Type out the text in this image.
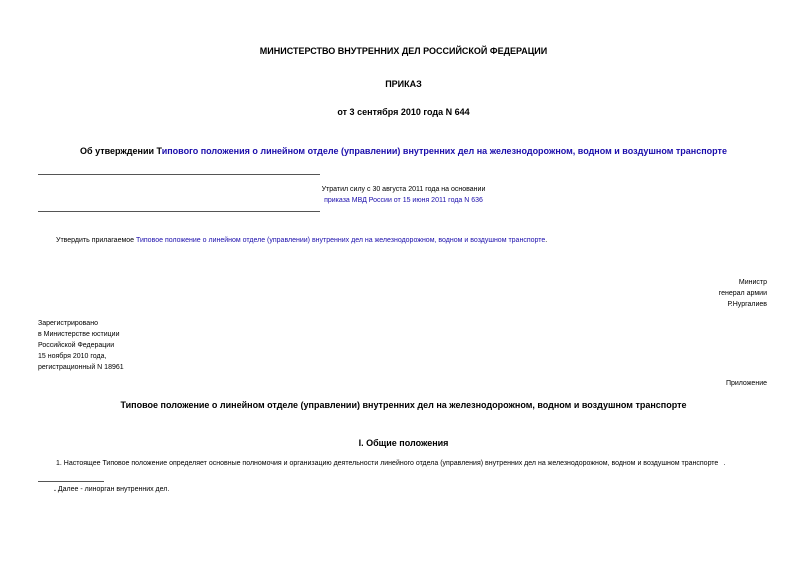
МИНИСТЕРСТВО ВНУТРЕННИХ ДЕЛ РОССИЙСКОЙ ФЕДЕРАЦИИ
ПРИКАЗ
от 3 сентября 2010 года N 644
Об утверждении Типового положения о линейном отделе (управлении) внутренних дел на железнодорожном, водном и воздушном транспорте
Утратил силу с 30 августа 2011 года на основании
приказа МВД России от 15 июня 2011 года N 636
Утвердить прилагаемое Типовое положение о линейном отделе (управлении) внутренних дел на железнодорожном, водном и воздушном транспорте.
Министр
генерал армии
Р.Нургалиев
Зарегистрировано
в Министерстве юстиции
Российской Федерации
15 ноября 2010 года,
регистрационный N 18961
Приложение
Типовое положение о линейном отделе (управлении) внутренних дел на железнодорожном, водном и воздушном транспорте
I. Общие положения
1. Настоящее Типовое положение определяет основные полномочия и организацию деятельности линейного отдела (управления) внутренних дел на железнодорожном, водном и воздушном транспорте .
. Далее - линорган внутренних дел.
